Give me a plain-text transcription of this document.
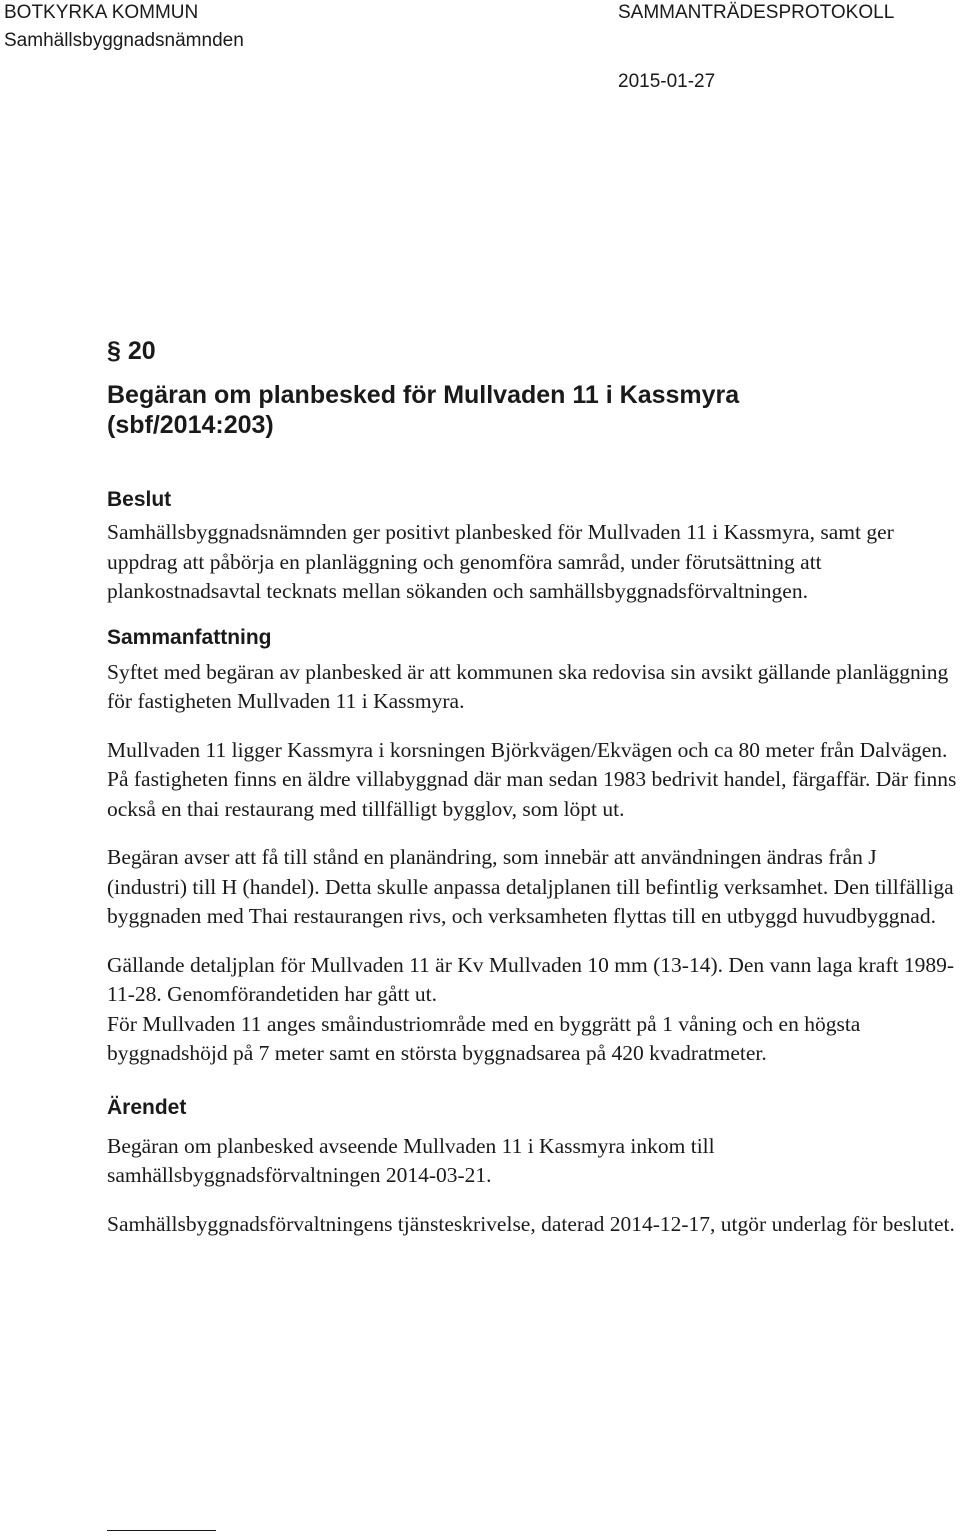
BOTKYRKA KOMMUN
Samhällsbyggnadsnämnden
SAMMANTRÄDESPROTOKOLL
2015-01-27
§ 20
Begäran om planbesked för Mullvaden 11 i Kassmyra
(sbf/2014:203)
Beslut

Samhällsbyggnadsnämnden ger positivt planbesked för Mullvaden 11 i Kassmyra, samt ger uppdrag att påbörja en planläggning och genomföra samråd, under förutsättning att plankostnadsavtal tecknats mellan sökanden och samhällsbyggnadsförvaltningen.

Sammanfattning

Syftet med begäran av planbesked är att kommunen ska redovisa sin avsikt gällande planläggning för fastigheten Mullvaden 11 i Kassmyra.

Mullvaden 11 ligger Kassmyra i korsningen Björkvägen/Ekvägen och ca 80 meter från Dalvägen. På fastigheten finns en äldre villabyggnad där man sedan 1983 bedrivit handel, färgaffär. Där finns också en thai restaurang med tillfälligt bygglov, som löpt ut.

Begäran avser att få till stånd en planändring, som innebär att användningen ändras från J (industri) till H (handel). Detta skulle anpassa detaljplanen till befintlig verksamhet. Den tillfälliga byggnaden med Thai restaurangen rivs, och verksamheten flyttas till en utbyggd huvudbyggnad.

Gällande detaljplan för Mullvaden 11 är Kv Mullvaden 10 mm (13-14). Den vann laga kraft 1989-11-28. Genomförandetiden har gått ut.

För Mullvaden 11 anges småindustriområde med en byggrätt på 1 våning och en högsta byggnadshöjd på 7 meter samt en största byggnadsarea på 420 kvadratmeter.

Ärendet

Begäran om planbesked avseende Mullvaden 11 i Kassmyra inkom till samhällsbyggnadsförvaltningen 2014-03-21.

Samhällsbyggnadsförvaltningens tjänsteskrivelse, daterad 2014-12-17, utgör underlag för beslutet.
